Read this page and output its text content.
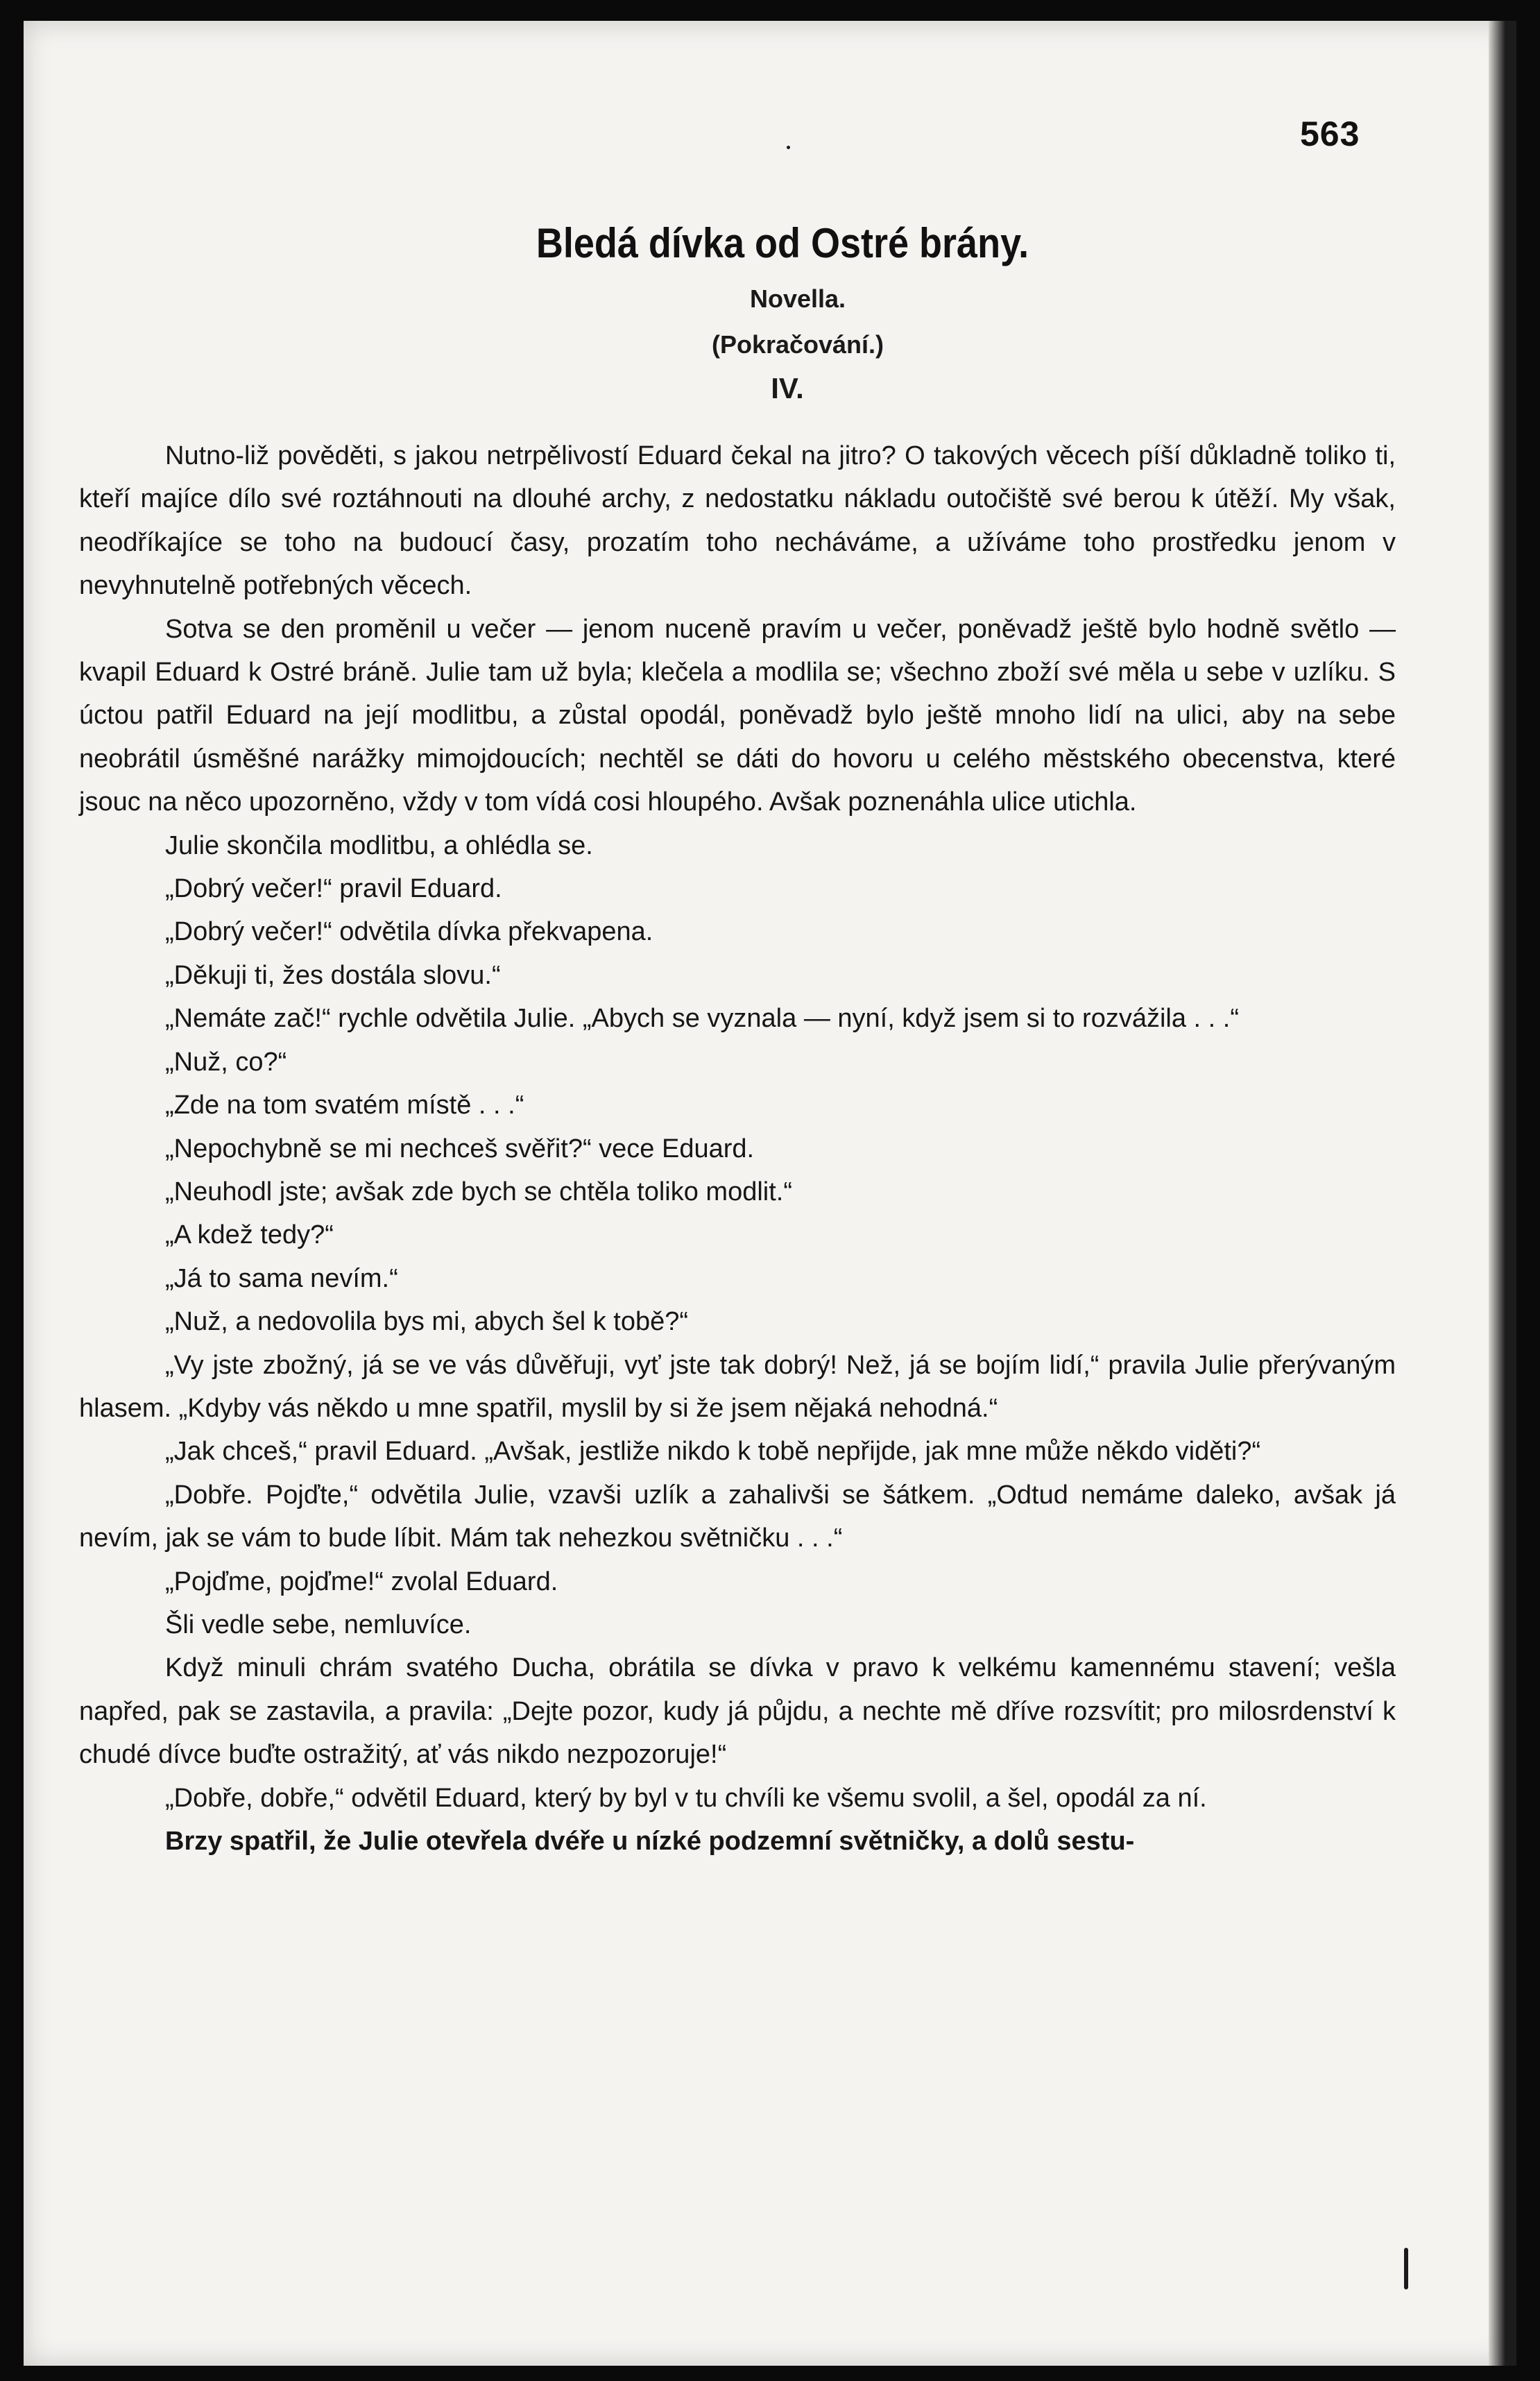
563
Bledá dívka od Ostré brány.
Novella.
(Pokračování.)
IV.

Nutno-liž pověděti, s jakou netrpělivostí Eduard čekal na jitro? O takových věcech píší důkladně toliko ti, kteří majíce dílo své roztáhnouti na dlouhé archy, z nedostatku nákladu outočiště své berou k útěží. My však, neodříkajíce se toho na budoucí časy, prozatím toho necháváme, a užíváme toho prostředku jenom v nevyhnutelně potřebných věcech.

Sotva se den proměnil u večer — jenom nuceně pravím u večer, poněvadž ještě bylo hodně světlo — kvapil Eduard k Ostré bráně. Julie tam už byla; klečela a modlila se; všechno zboží své měla u sebe v uzlíku. S úctou patřil Eduard na její modlitbu, a zůstal opodál, poněvadž bylo ještě mnoho lidí na ulici, aby na sebe neobrátil úsměšné narážky mimojdoucích; nechtěl se dáti do hovoru u celého městského obecenstva, které jsouc na něco upozorněno, vždy v tom vídá cosi hloupého. Avšak poznenáhla ulice utichla.

Julie skončila modlitbu, a ohlédla se.

„Dobrý večer!“ pravil Eduard.

„Dobrý večer!“ odvětila dívka překvapena.

„Děkuji ti, žes dostála slovu.“

„Nemáte zač!“ rychle odvětila Julie. „Abych se vyznala — nyní, když jsem si to rozvážila . . .“

„Nuž, co?“

„Zde na tom svatém místě . . .“

„Nepochybně se mi nechceš svěřit?“ vece Eduard.

„Neuhodl jste; avšak zde bych se chtěla toliko modlit.“

„A kdež tedy?“

„Já to sama nevím.“

„Nuž, a nedovolila bys mi, abych šel k tobě?“

„Vy jste zbožný, já se ve vás důvěřuji, vyť jste tak dobrý! Než, já se bojím lidí,“ pravila Julie přerývaným hlasem. „Kdyby vás někdo u mne spatřil, myslil by si že jsem nějaká nehodná.“

„Jak chceš,“ pravil Eduard. „Avšak, jestliže nikdo k tobě nepřijde, jak mne může někdo viděti?“

„Dobře. Pojďte,“ odvětila Julie, vzavši uzlík a zahalivši se šátkem. „Odtud nemáme daleko, avšak já nevím, jak se vám to bude líbit. Mám tak nehezkou světničku . . .“

„Pojďme, pojďme!“ zvolal Eduard.

Šli vedle sebe, nemluvíce.

Když minuli chrám svatého Ducha, obrátila se dívka v pravo k velkému kamennému stavení; vešla napřed, pak se zastavila, a pravila: „Dejte pozor, kudy já půjdu, a nechte mě dříve rozsvítit; pro milosrdenství k chudé dívce buďte ostražitý, ať vás nikdo nezpozoruje!“

„Dobře, dobře,“ odvětil Eduard, který by byl v tu chvíli ke všemu svolil, a šel, opodál za ní.

Brzy spatřil, že Julie otevřela dvéře u nízké podzemní světničky, a dolů sestu-
